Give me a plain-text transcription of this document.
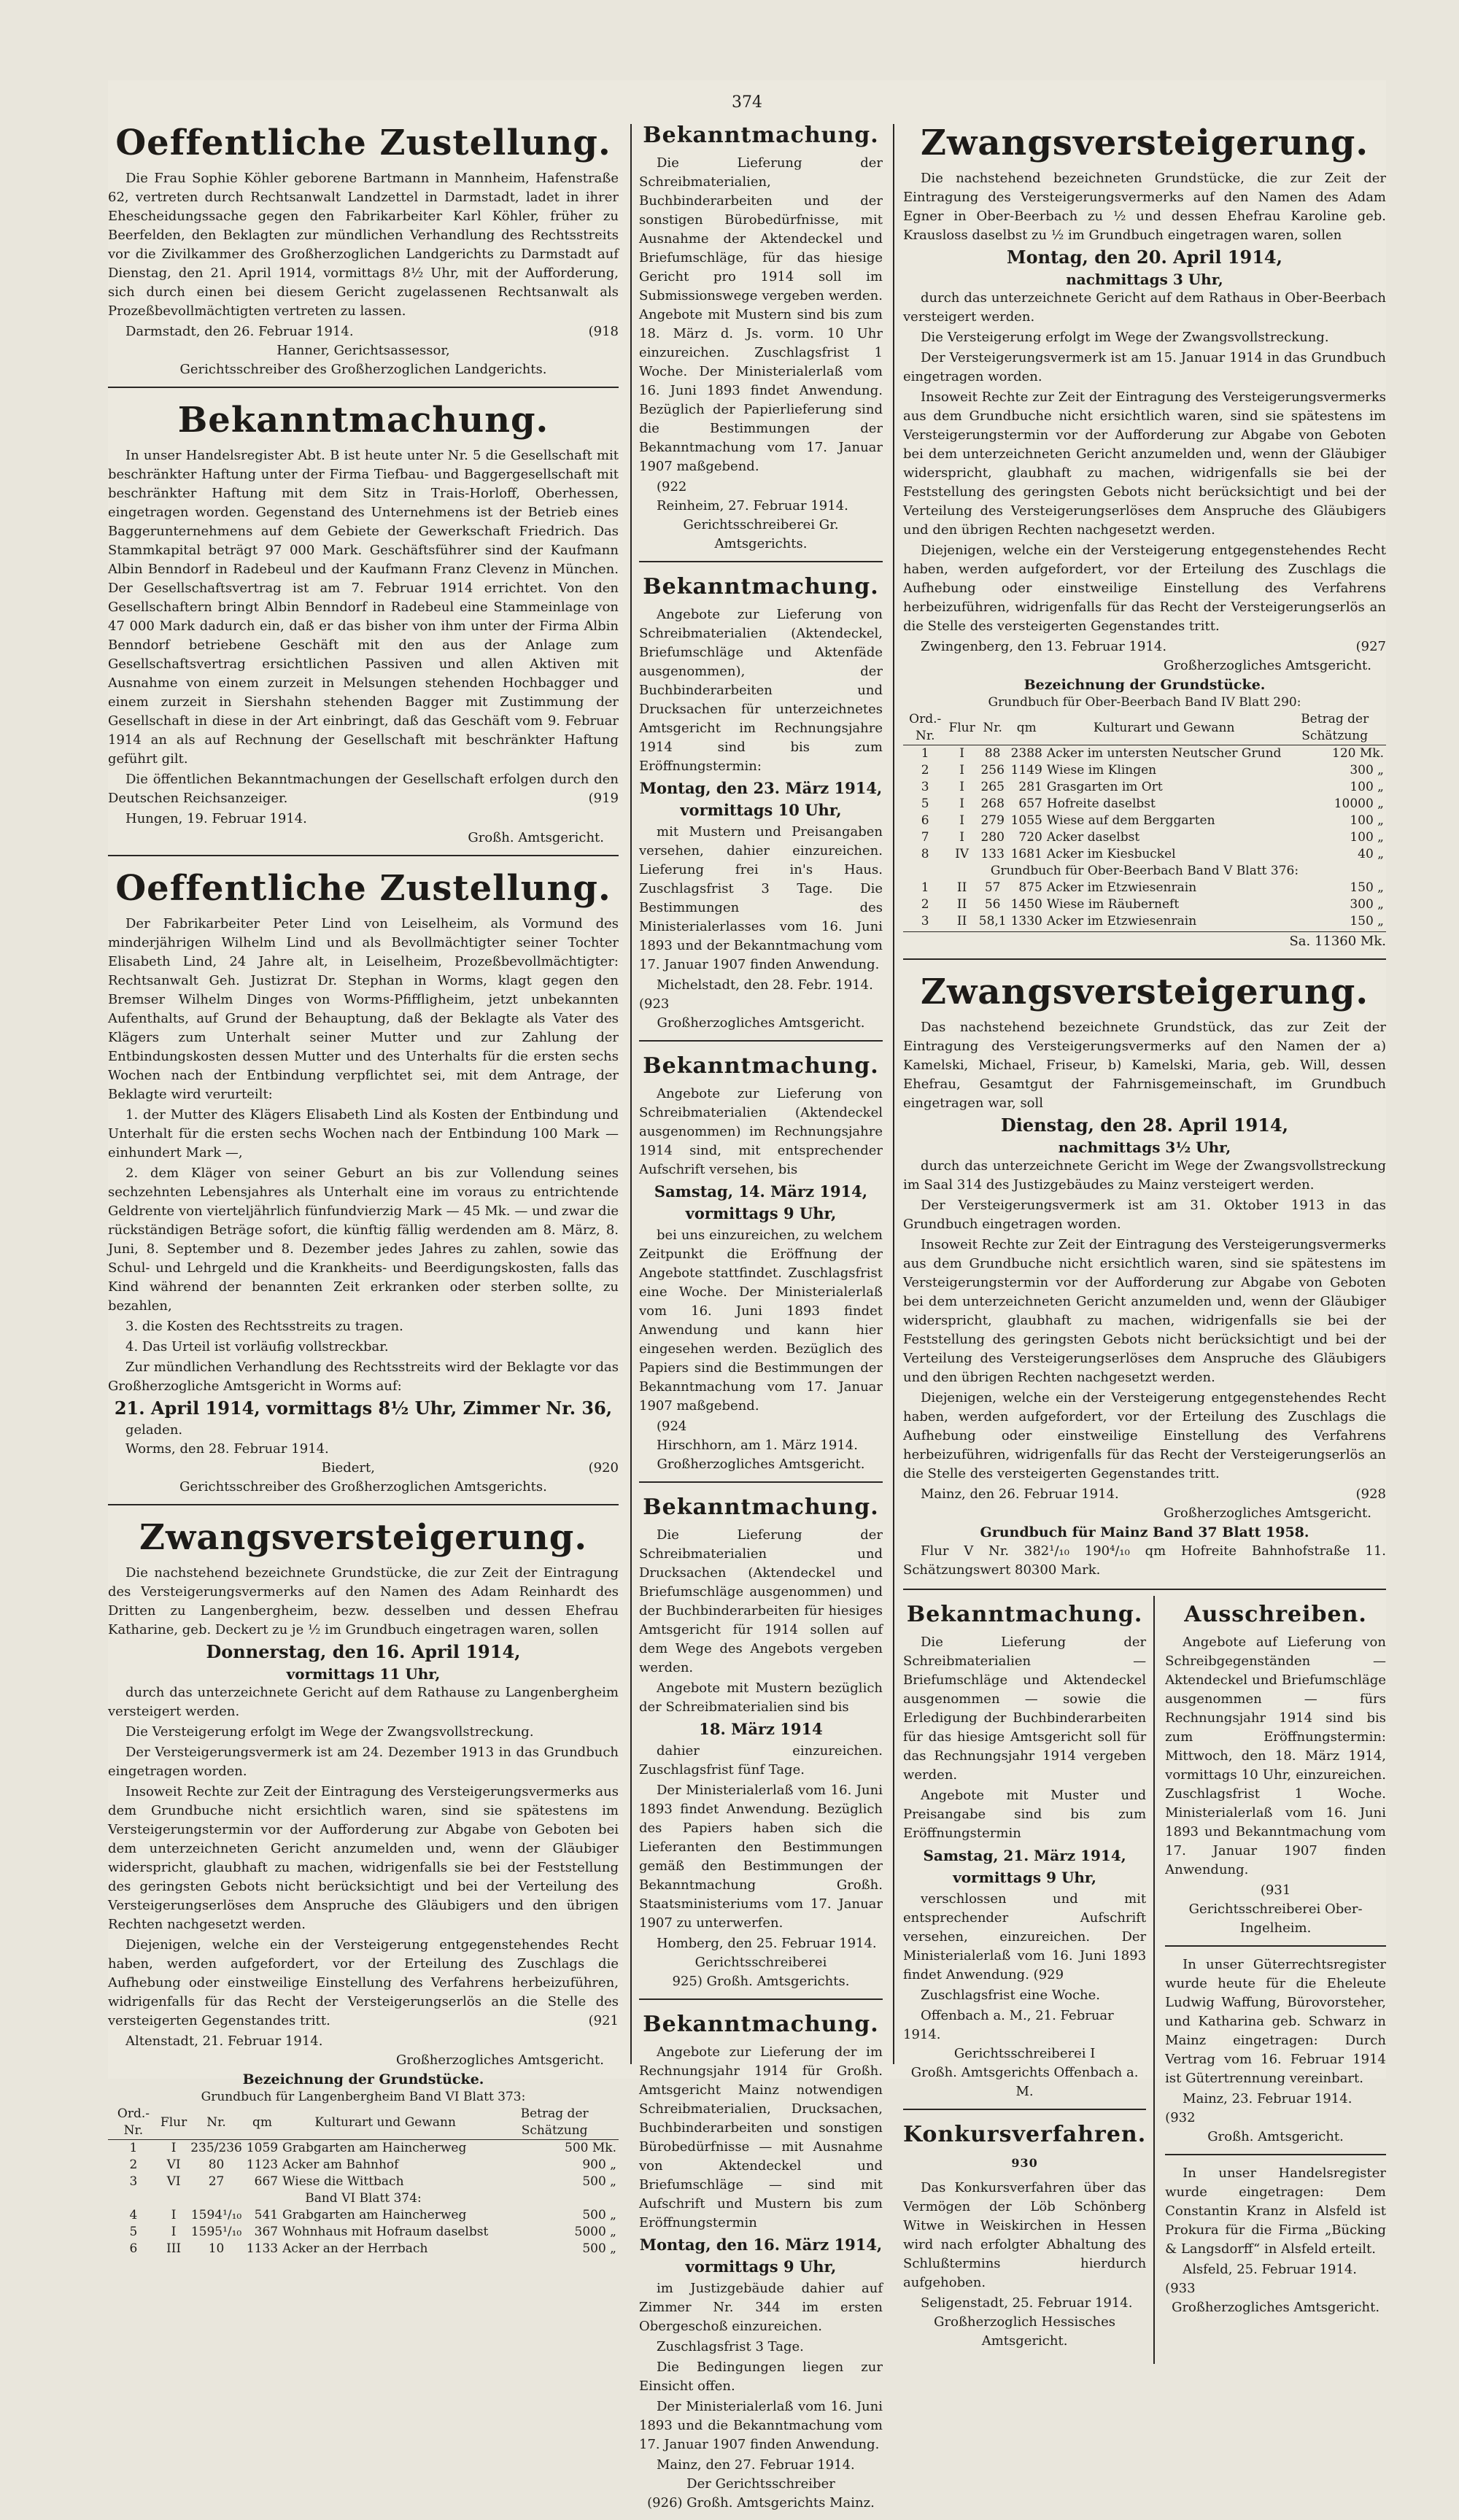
374
Oeffentliche Zustellung.

Die Frau Sophie Köhler geborene Bartmann in Mannheim, Hafenstraße 62, vertreten durch Rechtsanwalt Landzettel in Darmstadt, ladet in ihrer Ehescheidungssache gegen den Fabrikarbeiter Karl Köhler, früher zu Beerfelden, den Beklagten zur mündlichen Verhandlung des Rechtsstreits vor die Zivilkammer des Großherzoglichen Landgerichts zu Darmstadt auf Dienstag, den 21. April 1914, vormittags 8½ Uhr, mit der Aufforderung, sich durch einen bei diesem Gericht zugelassenen Rechtsanwalt als Prozeßbevollmächtigten vertreten zu lassen.

Darmstadt, den 26. Februar 1914.	(918
Hanner, Gerichtsassessor,
Gerichtsschreiber des Großherzoglichen Landgerichts.
Bekanntmachung.

In unser Handelsregister Abt. B ist heute unter Nr. 5 die Gesellschaft mit beschränkter Haftung unter der Firma Tiefbau- und Baggergesellschaft mit beschränkter Haftung mit dem Sitz in Trais-Horloff, Oberhessen, eingetragen worden. Gegenstand des Unternehmens ist der Betrieb eines Baggerunternehmens auf dem Gebiete der Gewerkschaft Friedrich. Das Stammkapital beträgt 97 000 Mark. Geschäftsführer sind der Kaufmann Albin Benndorf in Radebeul und der Kaufmann Franz Clevenz in München. Der Gesellschaftsvertrag ist am 7. Februar 1914 errichtet. Von den Gesellschaftern bringt Albin Benndorf in Radebeul eine Stammeinlage von 47 000 Mark dadurch ein, daß er das bisher von ihm unter der Firma Albin Benndorf betriebene Geschäft mit den aus der Anlage zum Gesellschaftsvertrag ersichtlichen Passiven und allen Aktiven mit Ausnahme von einem zurzeit in Melsungen stehenden Hochbagger und einem zurzeit in Siershahn stehenden Bagger mit Zustimmung der Gesellschaft in diese in der Art einbringt, daß das Geschäft vom 9. Februar 1914 an als auf Rechnung der Gesellschaft mit beschränkter Haftung geführt gilt.

Die öffentlichen Bekanntmachungen der Gesellschaft erfolgen durch den Deutschen Reichsanzeiger.	(919

Hungen, 19. Februar 1914.
Großh. Amtsgericht.
Oeffentliche Zustellung.

Der Fabrikarbeiter Peter Lind von Leiselheim, als Vormund des minderjährigen Wilhelm Lind und als Bevollmächtigter seiner Tochter Elisabeth Lind, 24 Jahre alt, in Leiselheim, Prozeßbevollmächtigter: Rechtsanwalt Geh. Justizrat Dr. Stephan in Worms, klagt gegen den Bremser Wilhelm Dinges von Worms-Pfiffligheim, jetzt unbekannten Aufenthalts, auf Grund der Behauptung, daß der Beklagte als Vater des Klägers zum Unterhalt seiner Mutter und zur Zahlung der Entbindungskosten dessen Mutter und des Unterhalts für die ersten sechs Wochen nach der Entbindung verpflichtet sei, mit dem Antrage, der Beklagte wird verurteilt:

1. der Mutter des Klägers Elisabeth Lind als Kosten der Entbindung und Unterhalt für die ersten sechs Wochen nach der Entbindung 100 Mark — einhundert Mark —,

2. dem Kläger von seiner Geburt an bis zur Vollendung seines sechzehnten Lebensjahres als Unterhalt eine im voraus zu entrichtende Geldrente von vierteljährlich fünfundvierzig Mark — 45 Mk. — und zwar die rückständigen Beträge sofort, die künftig fällig werdenden am 8. März, 8. Juni, 8. September und 8. Dezember jedes Jahres zu zahlen, sowie das Schul- und Lehrgeld und die Krankheits- und Beerdigungskosten, falls das Kind während der benannten Zeit erkranken oder sterben sollte, zu bezahlen,

3. die Kosten des Rechtsstreits zu tragen.

4. Das Urteil ist vorläufig vollstreckbar.

Zur mündlichen Verhandlung des Rechtsstreits wird der Beklagte vor das Großherzogliche Amtsgericht in Worms auf:

21. April 1914, vormittags 8½ Uhr, Zimmer Nr. 36,
geladen.
Worms, den 28. Februar 1914.
Biedert,	(920
Gerichtsschreiber des Großherzoglichen Amtsgerichts.
Zwangsversteigerung.

Die nachstehend bezeichnete Grundstücke, die zur Zeit der Eintragung des Versteigerungsvermerks auf den Namen des Adam Reinhardt des Dritten zu Langenbergheim, bezw. desselben und dessen Ehefrau Katharine, geb. Deckert zu je ½ im Grundbuch eingetragen waren, sollen

Donnerstag, den 16. April 1914,
vormittags 11 Uhr,

durch das unterzeichnete Gericht auf dem Rathause zu Langenbergheim versteigert werden.

Die Versteigerung erfolgt im Wege der Zwangsvollstreckung.

Der Versteigerungsvermerk ist am 24. Dezember 1913 in das Grundbuch eingetragen worden.

Insoweit Rechte zur Zeit der Eintragung des Versteigerungsvermerks aus dem Grundbuche nicht ersichtlich waren, sind sie spätestens im Versteigerungstermin vor der Aufforderung zur Abgabe von Geboten bei dem unterzeichneten Gericht anzumelden und, wenn der Gläubiger widerspricht, glaubhaft zu machen, widrigenfalls sie bei der Feststellung des geringsten Gebots nicht berücksichtigt und bei der Verteilung des Versteigerungserlöses dem Anspruche des Gläubigers und den übrigen Rechten nachgesetzt werden.

Diejenigen, welche ein der Versteigerung entgegenstehendes Recht haben, werden aufgefordert, vor der Erteilung des Zuschlags die Aufhebung oder einstweilige Einstellung des Verfahrens herbeizuführen, widrigenfalls für das Recht der Versteigerungserlös an die Stelle des versteigerten Gegenstandes tritt.	(921

Altenstadt, 21. Februar 1914.
Großherzogliches Amtsgericht.
Bezeichnung der Grundstücke.
Grundbuch für Langenbergheim Band VI Blatt 373:
Ord.-Nr.	Flur	Nr.	qm	Kulturart und Gewann	Betrag der Schätzung
1	I	235/236	1059	Grabgarten am Haincherweg	500 Mk.
2	VI	80	1123	Acker am Bahnhof	900 „
3	VI	27	667	Wiese die Wittbach	500 „
Band VI Blatt 374:					
4	I	1594¹/₁₀	541	Grabgarten am Haincherweg	500 „
5	I	1595¹/₁₀	367	Wohnhaus mit Hofraum daselbst	5000 „
6	III	10	1133	Acker an der Herrbach	500 „
Bekanntmachung.

Die Lieferung der Schreibmaterialien, Buchbinderarbeiten und der sonstigen Bürobedürfnisse, mit Ausnahme der Aktendeckel und Briefumschläge, für das hiesige Gericht pro 1914 soll im Submissionswege vergeben werden. Angebote mit Mustern sind bis zum 18. März d. Js. vorm. 10 Uhr einzureichen. Zuschlagsfrist 1 Woche. Der Ministerialerlaß vom 16. Juni 1893 findet Anwendung. Bezüglich der Papierlieferung sind die Bestimmungen der Bekanntmachung vom 17. Januar 1907 maßgebend.

(922
Reinheim, 27. Februar 1914.
Gerichtsschreiberei Gr. Amtsgerichts.
Bekanntmachung.

Angebote zur Lieferung von Schreibmaterialien (Aktendeckel, Briefumschläge und Aktenfäde ausgenommen), der Buchbinderarbeiten und Drucksachen für unterzeichnetes Amtsgericht im Rechnungsjahre 1914 sind bis zum Eröffnungstermin:

Montag, den 23. März 1914, vormittags 10 Uhr,

mit Mustern und Preisangaben versehen, dahier einzureichen. Lieferung frei in's Haus. Zuschlagsfrist 3 Tage. Die Bestimmungen des Ministerialerlasses vom 16. Juni 1893 und der Bekanntmachung vom 17. Januar 1907 finden Anwendung.

Michelstadt, den 28. Febr. 1914. (923
Großherzogliches Amtsgericht.
Bekanntmachung.

Angebote zur Lieferung von Schreibmaterialien (Aktendeckel ausgenommen) im Rechnungsjahre 1914 sind, mit entsprechender Aufschrift versehen, bis

Samstag, 14. März 1914, vormittags 9 Uhr,

bei uns einzureichen, zu welchem Zeitpunkt die Eröffnung der Angebote stattfindet. Zuschlagsfrist eine Woche. Der Ministerialerlaß vom 16. Juni 1893 findet Anwendung und kann hier eingesehen werden. Bezüglich des Papiers sind die Bestimmungen der Bekanntmachung vom 17. Januar 1907 maßgebend.

(924
Hirschhorn, am 1. März 1914.
Großherzogliches Amtsgericht.
Bekanntmachung.

Die Lieferung der Schreibmaterialien und Drucksachen (Aktendeckel und Briefumschläge ausgenommen) und der Buchbinderarbeiten für hiesiges Amtsgericht für 1914 sollen auf dem Wege des Angebots vergeben werden.

Angebote mit Mustern bezüglich der Schreibmaterialien sind bis

18. März 1914

dahier einzureichen. Zuschlagsfrist fünf Tage.

Der Ministerialerlaß vom 16. Juni 1893 findet Anwendung. Bezüglich des Papiers haben sich die Lieferanten den Bestimmungen gemäß den Bestimmungen der Bekanntmachung Großh. Staatsministeriums vom 17. Januar 1907 zu unterwerfen.

Homberg, den 25. Februar 1914.
Gerichtsschreiberei
925) Großh. Amtsgerichts.
Bekanntmachung.

Angebote zur Lieferung der im Rechnungsjahr 1914 für Großh. Amtsgericht Mainz notwendigen Schreibmaterialien, Drucksachen, Buchbinderarbeiten und sonstigen Bürobedürfnisse — mit Ausnahme von Aktendeckel und Briefumschläge — sind mit Aufschrift und Mustern bis zum Eröffnungstermin

Montag, den 16. März 1914, vormittags 9 Uhr,

im Justizgebäude dahier auf Zimmer Nr. 344 im ersten Obergeschoß einzureichen.

Zuschlagsfrist 3 Tage.

Die Bedingungen liegen zur Einsicht offen.

Der Ministerialerlaß vom 16. Juni 1893 und die Bekanntmachung vom 17. Januar 1907 finden Anwendung.

Mainz, den 27. Februar 1914.
Der Gerichtsschreiber
(926) Großh. Amtsgerichts Mainz.
Zwangsversteigerung.

Die nachstehend bezeichneten Grundstücke, die zur Zeit der Eintragung des Versteigerungsvermerks auf den Namen des Adam Egner in Ober-Beerbach zu ½ und dessen Ehefrau Karoline geb. Krausloss daselbst zu ½ im Grundbuch eingetragen waren, sollen

Montag, den 20. April 1914,
nachmittags 3 Uhr,

durch das unterzeichnete Gericht auf dem Rathaus in Ober-Beerbach versteigert werden.

Die Versteigerung erfolgt im Wege der Zwangsvollstreckung.

Der Versteigerungsvermerk ist am 15. Januar 1914 in das Grundbuch eingetragen worden.

Insoweit Rechte zur Zeit der Eintragung des Versteigerungsvermerks aus dem Grundbuche nicht ersichtlich waren, sind sie spätestens im Versteigerungstermin vor der Aufforderung zur Abgabe von Geboten bei dem unterzeichneten Gericht anzumelden und, wenn der Gläubiger widerspricht, glaubhaft zu machen, widrigenfalls sie bei der Feststellung des geringsten Gebots nicht berücksichtigt und bei der Verteilung des Versteigerungserlöses dem Anspruche des Gläubigers und den übrigen Rechten nachgesetzt werden.

Diejenigen, welche ein der Versteigerung entgegenstehendes Recht haben, werden aufgefordert, vor der Erteilung des Zuschlags die Aufhebung oder einstweilige Einstellung des Verfahrens herbeizuführen, widrigenfalls für das Recht der Versteigerungserlös an die Stelle des versteigerten Gegenstandes tritt.

Zwingenberg, den 13. Februar 1914.	(927
Großherzogliches Amtsgericht.
Bezeichnung der Grundstücke.
Grundbuch für Ober-Beerbach Band IV Blatt 290:
Ord.-Nr.	Flur	Nr.	qm	Kulturart und Gewann	Betrag der Schätzung
1	I	88	2388	Acker im untersten Neutscher Grund	120 Mk.
2	I	256	1149	Wiese im Klingen	300 „
3	I	265	281	Grasgarten im Ort	100 „
5	I	268	657	Hofreite daselbst	10000 „
6	I	279	1055	Wiese auf dem Berggarten	100 „
7	I	280	720	Acker daselbst	100 „
8	IV	133	1681	Acker im Kiesbuckel	40 „
Grundbuch für Ober-Beerbach Band V Blatt 376:					
1	II	57	875	Acker im Etzwiesenrain	150 „
2	II	56	1450	Wiese im Räuberneft	300 „
3	II	58,1	1330	Acker im Etzwiesenrain	150 „
Sa. 11360 Mk.
Zwangsversteigerung.

Das nachstehend bezeichnete Grundstück, das zur Zeit der Eintragung des Versteigerungsvermerks auf den Namen der a) Kamelski, Michael, Friseur, b) Kamelski, Maria, geb. Will, dessen Ehefrau, Gesamtgut der Fahrnisgemeinschaft, im Grundbuch eingetragen war, soll

Dienstag, den 28. April 1914,
nachmittags 3½ Uhr,

durch das unterzeichnete Gericht im Wege der Zwangsvollstreckung im Saal 314 des Justizgebäudes zu Mainz versteigert werden.

Der Versteigerungsvermerk ist am 31. Oktober 1913 in das Grundbuch eingetragen worden.

Insoweit Rechte zur Zeit der Eintragung des Versteigerungsvermerks aus dem Grundbuche nicht ersichtlich waren, sind sie spätestens im Versteigerungstermin vor der Aufforderung zur Abgabe von Geboten bei dem unterzeichneten Gericht anzumelden und, wenn der Gläubiger widerspricht, glaubhaft zu machen, widrigenfalls sie bei der Feststellung des geringsten Gebots nicht berücksichtigt und bei der Verteilung des Versteigerungserlöses dem Anspruche des Gläubigers und den übrigen Rechten nachgesetzt werden.

Diejenigen, welche ein der Versteigerung entgegenstehendes Recht haben, werden aufgefordert, vor der Erteilung des Zuschlags die Aufhebung oder einstweilige Einstellung des Verfahrens herbeizuführen, widrigenfalls für das Recht der Versteigerungserlös an die Stelle des versteigerten Gegenstandes tritt.

Mainz, den 26. Februar 1914.	(928
Großherzogliches Amtsgericht.
Grundbuch für Mainz Band 37 Blatt 1958.

Flur V Nr. 382¹/₁₀ 190⁴/₁₀ qm Hofreite Bahnhofstraße 11. Schätzungswert 80300 Mark.

Bekanntmachung.

Die Lieferung der Schreibmaterialien — Briefumschläge und Aktendeckel ausgenommen — sowie die Erledigung der Buchbinderarbeiten für das hiesige Amtsgericht soll für das Rechnungsjahr 1914 vergeben werden.

Angebote mit Muster und Preisangabe sind bis zum Eröffnungstermin

Samstag, 21. März 1914, vormittags 9 Uhr,

verschlossen und mit entsprechender Aufschrift versehen, einzureichen. Der Ministerialerlaß vom 16. Juni 1893 findet Anwendung. (929

Zuschlagsfrist eine Woche.

Offenbach a. M., 21. Februar 1914.
Gerichtsschreiberei I
Großh. Amtsgerichts Offenbach a. M.
Konkursverfahren. 930

Das Konkursverfahren über das Vermögen der Löb Schönberg Witwe in Weiskirchen in Hessen wird nach erfolgter Abhaltung des Schlußtermins hierdurch aufgehoben.

Seligenstadt, 25. Februar 1914.
Großherzoglich Hessisches Amtsgericht.
Ausschreiben.

Angebote auf Lieferung von Schreibgegenständen — Aktendeckel und Briefumschläge ausgenommen — fürs Rechnungsjahr 1914 sind bis zum Eröffnungstermin: Mittwoch, den 18. März 1914, vormittags 10 Uhr, einzureichen. Zuschlagsfrist 1 Woche. Ministerialerlaß vom 16. Juni 1893 und Bekanntmachung vom 17. Januar 1907 finden Anwendung.

(931
Gerichtsschreiberei Ober-Ingelheim.

In unser Güterrechtsregister wurde heute für die Eheleute Ludwig Waffung, Bürovorsteher, und Katharina geb. Schwarz in Mainz eingetragen: Durch Vertrag vom 16. Februar 1914 ist Gütertrennung vereinbart.

Mainz, 23. Februar 1914. (932
Großh. Amtsgericht.

In unser Handelsregister wurde eingetragen: Dem Constantin Kranz in Alsfeld ist Prokura für die Firma „Bücking & Langsdorff“ in Alsfeld erteilt.

Alsfeld, 25. Februar 1914. (933
Großherzogliches Amtsgericht.
